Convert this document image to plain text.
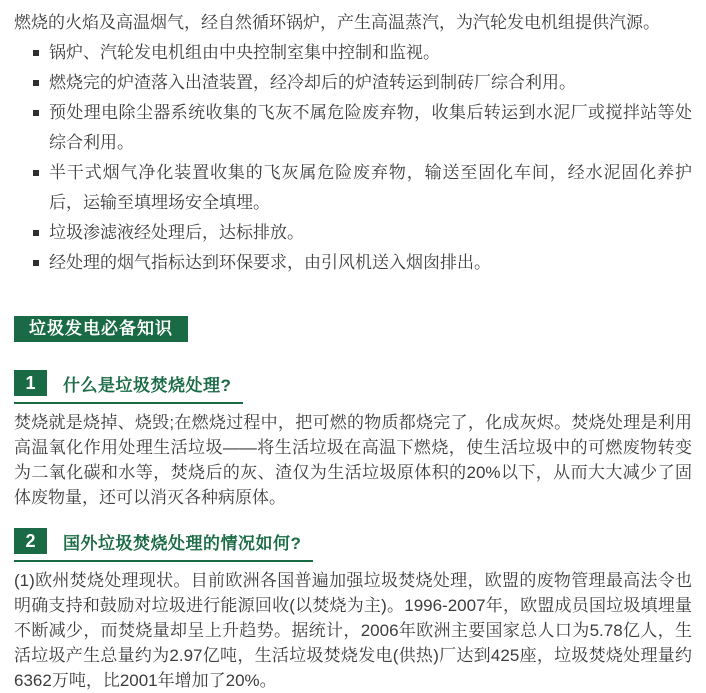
燃烧的火焰及高温烟气，经自然循环锅炉，产生高温蒸汽，为汽轮发电机组提供汽源。

锅炉、汽轮发电机组由中央控制室集中控制和监视。
燃烧完的炉渣落入出渣装置，经冷却后的炉渣转运到制砖厂综合利用。
预处理电除尘器系统收集的飞灰不属危险废弃物，收集后转运到水泥厂或搅拌站等处综合利用。
半干式烟气净化装置收集的飞灰属危险废弃物，输送至固化车间，经水泥固化养护后，运输至填埋场安全填埋。
垃圾渗滤液经处理后，达标排放。
经处理的烟气指标达到环保要求，由引风机送入烟囱排出。
垃圾发电必备知识
1 什么是垃圾焚烧处理?

焚烧就是烧掉、烧毁;在燃烧过程中，把可燃的物质都烧完了，化成灰烬。焚烧处理是利用高温氧化作用处理生活垃圾——将生活垃圾在高温下燃烧，使生活垃圾中的可燃废物转变为二氧化碳和水等，焚烧后的灰、渣仅为生活垃圾原体积的20%以下，从而大大减少了固体废物量，还可以消灭各种病原体。

2 国外垃圾焚烧处理的情况如何?

(1)欧州焚烧处理现状。目前欧洲各国普遍加强垃圾焚烧处理，欧盟的废物管理最高法令也明确支持和鼓励对垃圾进行能源回收(以焚烧为主)。1996-2007年，欧盟成员国垃圾填埋量不断减少，而焚烧量却呈上升趋势。据统计，2006年欧洲主要国家总人口为5.78亿人，生活垃圾产生总量约为2.97亿吨，生活垃圾焚烧发电(供热)厂达到425座，垃圾焚烧处理量约6362万吨，比2001年增加了20%。
